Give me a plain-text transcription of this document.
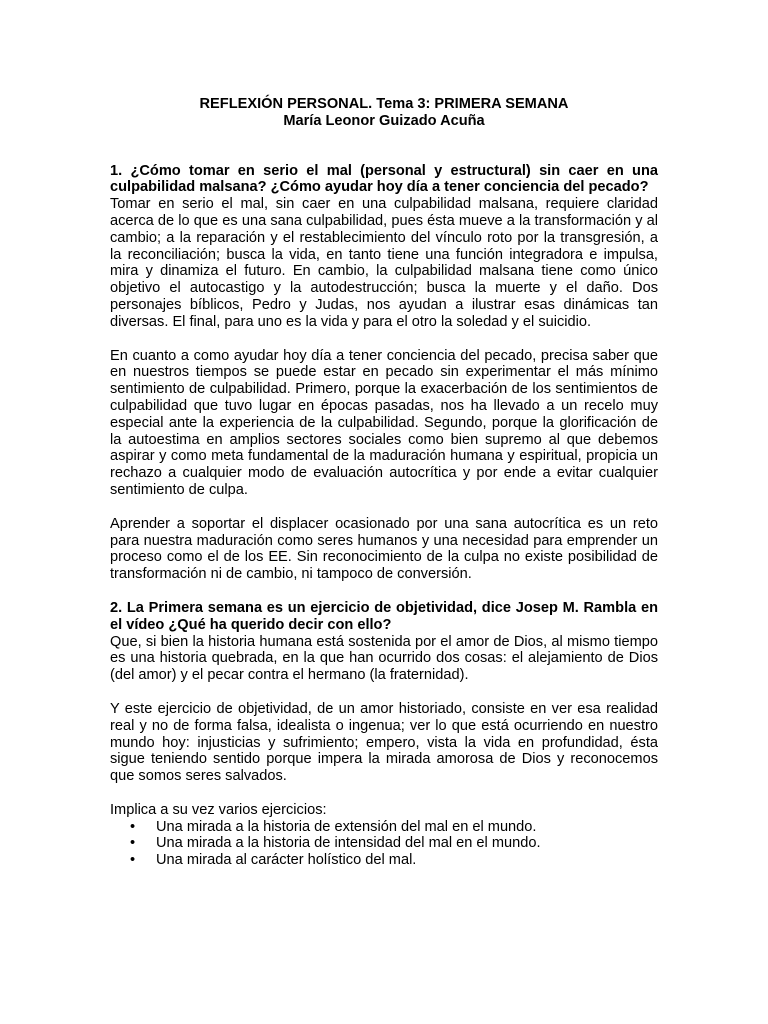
REFLEXIÓN PERSONAL. Tema 3: PRIMERA SEMANA
María Leonor Guizado Acuña
1. ¿Cómo tomar en serio el mal (personal y estructural) sin caer en una culpabilidad malsana? ¿Cómo ayudar hoy día a tener conciencia del pecado?

Tomar en serio el mal, sin caer en una culpabilidad malsana, requiere claridad acerca de lo que es una sana culpabilidad, pues ésta mueve a la transformación y al cambio; a la reparación y el restablecimiento del vínculo roto por la transgresión, a la reconciliación; busca la vida, en tanto tiene una función integradora e impulsa, mira y dinamiza el futuro. En cambio, la culpabilidad malsana tiene como único objetivo el autocastigo y la autodestrucción; busca la muerte y el daño. Dos personajes bíblicos, Pedro y Judas, nos ayudan a ilustrar esas dinámicas tan diversas. El final, para uno es la vida y para el otro la soledad y el suicidio.

En cuanto a como ayudar hoy día a tener conciencia del pecado, precisa saber que en nuestros tiempos se puede estar en pecado sin experimentar el más mínimo sentimiento de culpabilidad. Primero, porque la exacerbación de los sentimientos de culpabilidad que tuvo lugar en épocas pasadas, nos ha llevado a un recelo muy especial ante la experiencia de la culpabilidad. Segundo, porque la glorificación de la autoestima en amplios sectores sociales como bien supremo al que debemos aspirar y como meta fundamental de la maduración humana y espiritual, propicia un rechazo a cualquier modo de evaluación autocrítica y por ende a evitar cualquier sentimiento de culpa.

Aprender a soportar el displacer ocasionado por una sana autocrítica es un reto para nuestra maduración como seres humanos y una necesidad para emprender un proceso como el de los EE. Sin reconocimiento de la culpa no existe posibilidad de transformación ni de cambio, ni tampoco de conversión.

2. La Primera semana es un ejercicio de objetividad, dice Josep M. Rambla en el vídeo ¿Qué ha querido decir con ello?

Que, si bien la historia humana está sostenida por el amor de Dios, al mismo tiempo es una historia quebrada, en la que han ocurrido dos cosas: el alejamiento de Dios (del amor) y el pecar contra el hermano (la fraternidad).

Y este ejercicio de objetividad, de un amor historiado, consiste en ver esa realidad real y no de forma falsa, idealista o ingenua; ver lo que está ocurriendo en nuestro mundo hoy: injusticias y sufrimiento; empero, vista la vida en profundidad, ésta sigue teniendo sentido porque impera la mirada amorosa de Dios y reconocemos que somos seres salvados.

Implica a su vez varios ejercicios:

• Una mirada a la historia de extensión del mal en el mundo.
• Una mirada a la historia de intensidad del mal en el mundo.
• Una mirada al carácter holístico del mal.
